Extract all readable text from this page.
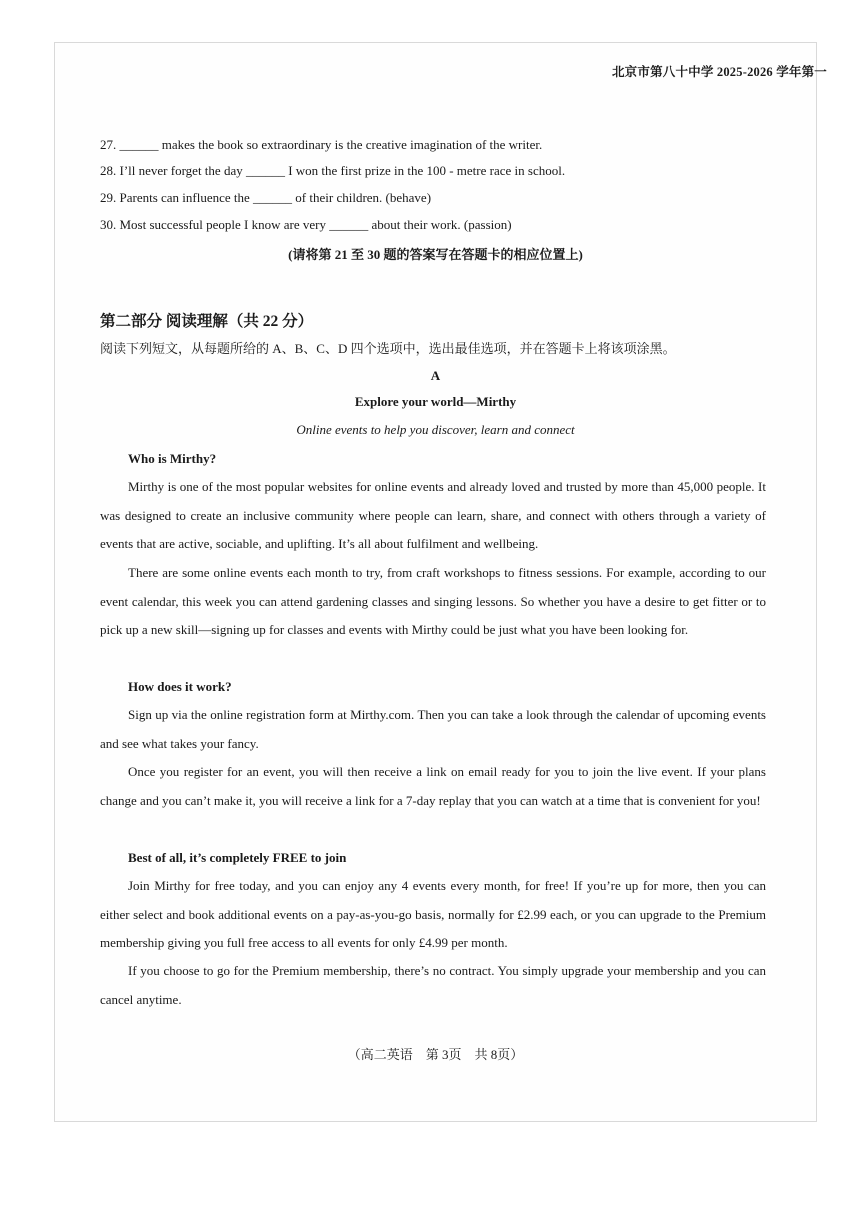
北京市第八十中学 2025-2026 学年第一
27. ______ makes the book so extraordinary is the creative imagination of the writer.
28. I’ll never forget the day ______ I won the first prize in the 100 - metre race in school.
29. Parents can influence the ______ of their children. (behave)
30. Most successful people I know are very ______ about their work. (passion)
(请将第 21 至 30 题的答案写在答题卡的相应位置上)
第二部分 阅读理解（共 22 分）
阅读下列短文，从每题所给的 A、B、C、D 四个选项中，选出最佳选项，并在答题卡上将该项涂黑。
A
Explore your world—Mirthy
Online events to help you discover, learn and connect
Who is Mirthy?
Mirthy is one of the most popular websites for online events and already loved and trusted by more than 45,000 people. It was designed to create an inclusive community where people can learn, share, and connect with others through a variety of events that are active, sociable, and uplifting. It’s all about fulfilment and wellbeing.
There are some online events each month to try, from craft workshops to fitness sessions. For example, according to our event calendar, this week you can attend gardening classes and singing lessons. So whether you have a desire to get fitter or to pick up a new skill—signing up for classes and events with Mirthy could be just what you have been looking for.
How does it work?
Sign up via the online registration form at Mirthy.com. Then you can take a look through the calendar of upcoming events and see what takes your fancy.
Once you register for an event, you will then receive a link on email ready for you to join the live event. If your plans change and you can’t make it, you will receive a link for a 7-day replay that you can watch at a time that is convenient for you!
Best of all, it’s completely FREE to join
Join Mirthy for free today, and you can enjoy any 4 events every month, for free! If you’re up for more, then you can either select and book additional events on a pay-as-you-go basis, normally for £2.99 each, or you can upgrade to the Premium membership giving you full free access to all events for only £4.99 per month.
If you choose to go for the Premium membership, there’s no contract. You simply upgrade your membership and you can cancel anytime.
（高二英语　第 3页　共 8页）
